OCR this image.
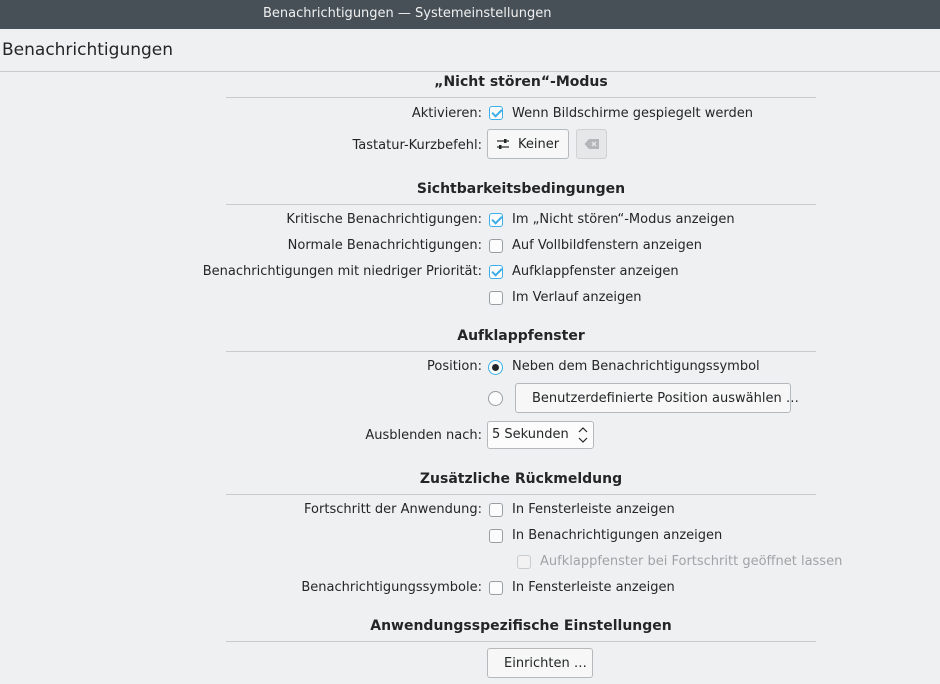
Benachrichtigungen — Systemeinstellungen
Benachrichtigungen
„Nicht stören“-Modus
Aktivieren: Wenn Bildschirme gespiegelt werden
Tastatur-Kurzbefehl:	Keiner
Sichtbarkeitsbedingungen
Kritische Benachrichtigungen: Im „Nicht stören“-Modus anzeigen
Normale Benachrichtigungen: Auf Vollbildfenstern anzeigen
Benachrichtigungen mit niedriger Priorität: Aufklappfenster anzeigen
Im Verlauf anzeigen
Aufklappfenster
Position: Neben dem Benachrichtigungssymbol
Benutzerdefinierte Position auswählen …
Ausblenden nach: 5 Sekunden
Zusätzliche Rückmeldung
Fortschritt der Anwendung: In Fensterleiste anzeigen
In Benachrichtigungen anzeigen
Aufklappfenster bei Fortschritt geöffnet lassen
Benachrichtigungssymbole: In Fensterleiste anzeigen
Anwendungsspezifische Einstellungen
Einrichten …
